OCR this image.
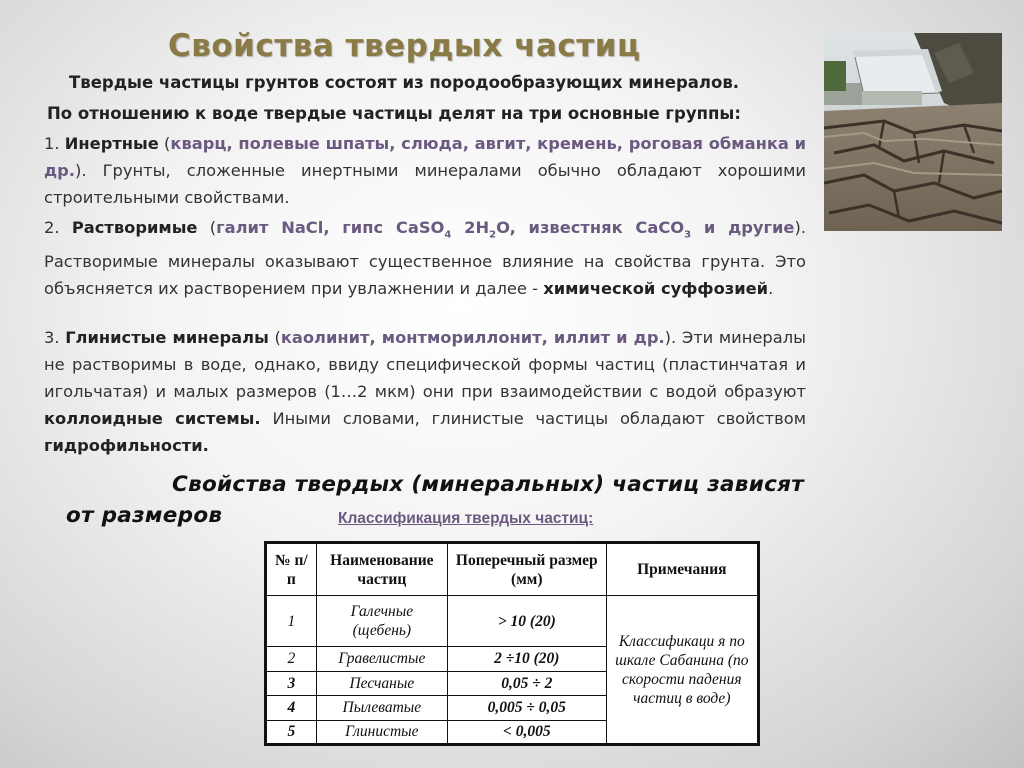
Свойства твердых частиц
Твердые частицы грунтов состоят из породообразующих минералов.
По отношению к воде твердые частицы делят на три основные группы:
1. Инертные (кварц, полевые шпаты, слюда, авгит, кремень, роговая обманка и др.). Грунты, сложенные инертными минералами обычно обладают хорошими строительными свойствами.
2. Растворимые (галит NaCl, гипс CaSO$_4$ $2H_2O$, известняк CaCO$_3$ и другие). Растворимые минералы оказывают существенное влияние на свойства грунта. Это объясняется их растворением при увлажнении и далее - химической суффозией.
3. Глинистые минералы (каолинит, монтмориллонит, иллит и др.). Эти минералы не растворимы в воде, однако, ввиду специфической формы частиц (пластинчатая и игольчатая) и малых размеров (1…2 мкм) они при взаимодействии с водой образуют коллоидные системы. Иными словами, глинистые частицы обладают свойством гидрофильности.
Свойства твердых (минеральных) частиц зависят
от размеров	Классификация твердых частиц:
№ п/п	Наименование частиц	Поперечный размер (мм)	Примечания
1	Галечные (щебень)	> 10 (20)	Классификаци я по шкале Сабанина (по скорости падения частиц в воде)
2	Гравелистые	2 ÷10 (20)	
3	Песчаные	0,05 ÷ 2	
4	Пылеватые	0,005 ÷ 0,05	
5	Глинистые	< 0,005	
